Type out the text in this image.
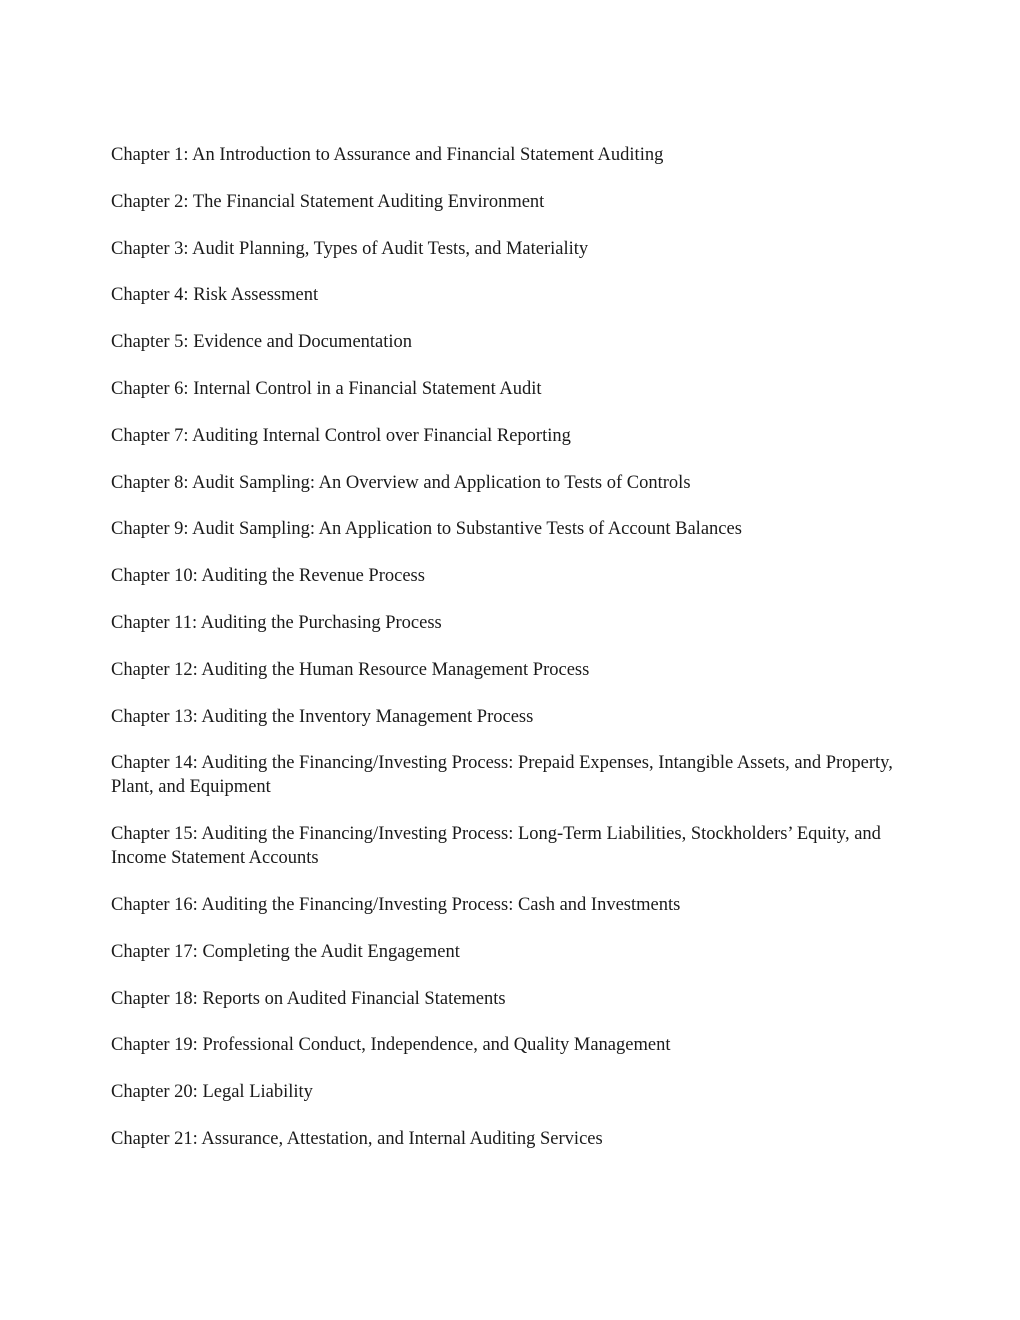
Chapter 1: An Introduction to Assurance and Financial Statement Auditing
Chapter 2: The Financial Statement Auditing Environment
Chapter 3: Audit Planning, Types of Audit Tests, and Materiality
Chapter 4: Risk Assessment
Chapter 5: Evidence and Documentation
Chapter 6: Internal Control in a Financial Statement Audit
Chapter 7: Auditing Internal Control over Financial Reporting
Chapter 8: Audit Sampling: An Overview and Application to Tests of Controls
Chapter 9: Audit Sampling: An Application to Substantive Tests of Account Balances
Chapter 10: Auditing the Revenue Process
Chapter 11: Auditing the Purchasing Process
Chapter 12: Auditing the Human Resource Management Process
Chapter 13: Auditing the Inventory Management Process
Chapter 14: Auditing the Financing/Investing Process: Prepaid Expenses, Intangible Assets, and Property, Plant, and Equipment
Chapter 15: Auditing the Financing/Investing Process: Long-Term Liabilities, Stockholders’ Equity, and Income Statement Accounts
Chapter 16: Auditing the Financing/Investing Process: Cash and Investments
Chapter 17: Completing the Audit Engagement
Chapter 18: Reports on Audited Financial Statements
Chapter 19: Professional Conduct, Independence, and Quality Management
Chapter 20: Legal Liability
Chapter 21: Assurance, Attestation, and Internal Auditing Services
